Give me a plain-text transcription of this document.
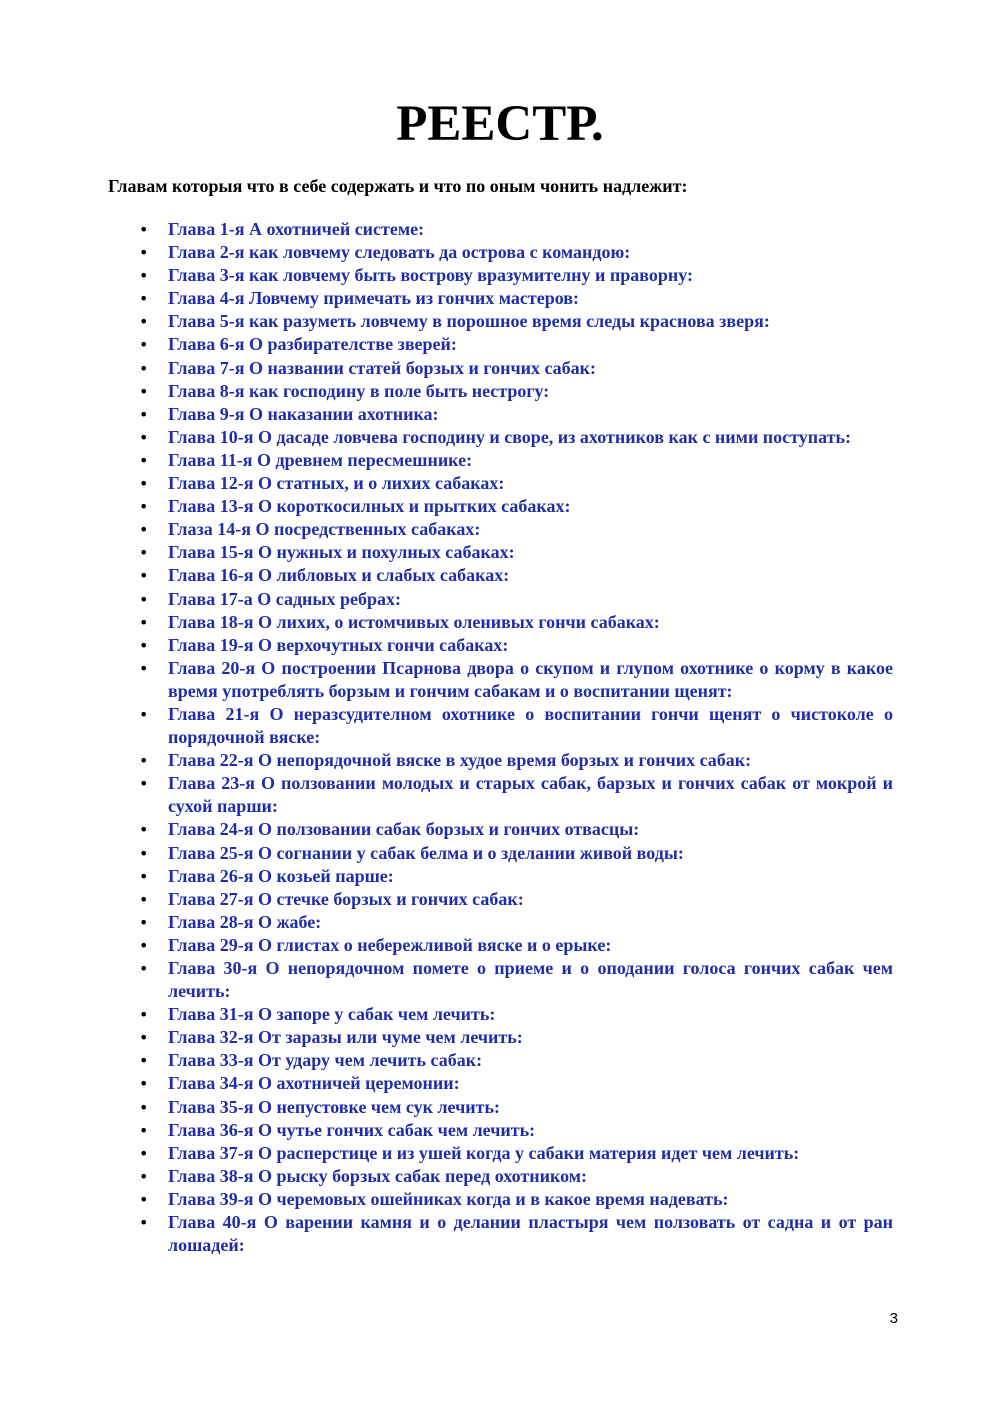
РЕЕСТР.

Главам которыя что в себе содержать и что по оным чонить надлежит:

• Глава 1-я А охотничей системе:
• Глава 2-я как ловчему следовать да острова с командою:
• Глава 3-я как ловчему быть вострову вразумителну и праворну:
• Глава 4-я Ловчему примечать из гончих мастеров:
• Глава 5-я как разуметь ловчему в порошное время следы краснова зверя:
• Глава 6-я О разбирателстве зверей:
• Глава 7-я О названии статей борзых и гончих сабак:
• Глава 8-я как господину в поле быть нестрогу:
• Глава 9-я О наказании ахотника:
• Глава 10-я О дасаде ловчева господину и своре, из ахотников как с ними поступать:
• Глава 11-я О древнем пересмешнике:
• Глава 12-я О статных, и о лихих сабаках:
• Глава 13-я О короткосилных и прытких сабаках:
• Глаза 14-я О посредственных сабаках:
• Глава 15-я О нужных и похулных сабаках:
• Глава 16-я О либловых и слабых сабаках:
• Глава 17-а О садных ребрах:
• Глава 18-я О лихих, о истомчивых оленивых гончи сабаках:
• Глава 19-я О верхочутных гончи сабаках:
• Глава 20-я О построении Псарнова двора о скупом и глупом охотнике о корму в какое время употреблять борзым и гончим сабакам и о воспитании щенят:
• Глава 21-я О неразсудителном охотнике о воспитании гончи щенят о чистоколе о порядочной вяске:
• Глава 22-я О непорядочной вяске в худое время борзых и гончих сабак:
• Глава 23-я О ползовании молодых и старых сабак, барзых и гончих сабак от мокрой и сухой парши:
• Глава 24-я О ползовании сабак борзых и гончих отвасцы:
• Глава 25-я О согнании у сабак белма и о зделании живой воды:
• Глава 26-я О козьей парше:
• Глава 27-я О стечке борзых и гончих сабак:
• Глава 28-я О жабе:
• Глава 29-я О глистах о небережливой вяске и о ерыке:
• Глава 30-я О непорядочном помете о приеме и о оподании голоса гончих сабак чем лечить:
• Глава 31-я О запоре у сабак чем лечить:
• Глава 32-я От заразы или чуме чем лечить:
• Глава 33-я От удару чем лечить сабак:
• Глава 34-я О ахотничей церемонии:
• Глава 35-я О непустовке чем сук лечить:
• Глава 36-я О чутье гончих сабак чем лечить:
• Глава 37-я О расперстице и из ушей когда у сабаки материя идет чем лечить:
• Глава 38-я О рыску борзых сабак перед охотником:
• Глава 39-я О черемовых ошейниках когда и в какое время надевать:
• Глава 40-я О варении камня и о делании пластыря чем ползовать от садна и от ран лошадей:
3
